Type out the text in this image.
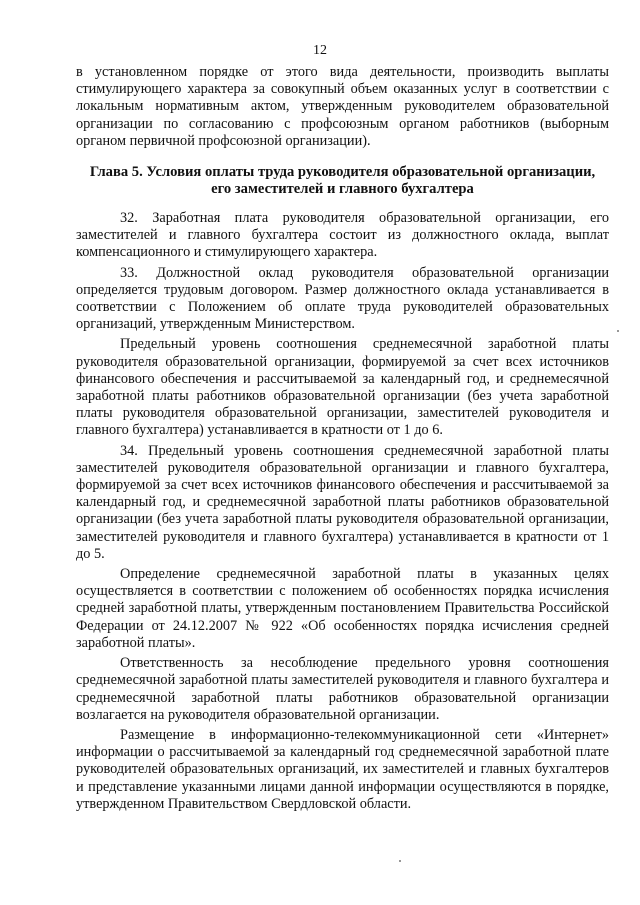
12

в установленном порядке от этого вида деятельности, производить выплаты стимулирующего характера за совокупный объем оказанных услуг в соответствии с локальным нормативным актом, утвержденным руководителем образовательной организации по согласованию с профсоюзным органом работников (выборным органом первичной профсоюзной организации).

Глава 5. Условия оплаты труда руководителя образовательной организации,
его заместителей и главного бухгалтера

32. Заработная плата руководителя образовательной организации, его заместителей и главного бухгалтера состоит из должностного оклада, выплат компенсационного и стимулирующего характера.

33. Должностной оклад руководителя образовательной организации определяется трудовым договором. Размер должностного оклада устанавливается в соответствии с Положением об оплате труда руководителей образовательных организаций, утвержденным Министерством.

Предельный уровень соотношения среднемесячной заработной платы руководителя образовательной организации, формируемой за счет всех источников финансового обеспечения и рассчитываемой за календарный год, и среднемесячной заработной платы работников образовательной организации (без учета заработной платы руководителя образовательной организации, заместителей руководителя и главного бухгалтера) устанавливается в кратности от 1 до 6.

34. Предельный уровень соотношения среднемесячной заработной платы заместителей руководителя образовательной организации и главного бухгалтера, формируемой за счет всех источников финансового обеспечения и рассчитываемой за календарный год, и среднемесячной заработной платы работников образовательной организации (без учета заработной платы руководителя образовательной организации, заместителей руководителя и главного бухгалтера) устанавливается в кратности от 1 до 5.

Определение среднемесячной заработной платы в указанных целях осуществляется в соответствии с положением об особенностях порядка исчисления средней заработной платы, утвержденным постановлением Правительства Российской Федерации от 24.12.2007 № 922 «Об особенностях порядка исчисления средней заработной платы».

Ответственность за несоблюдение предельного уровня соотношения среднемесячной заработной платы заместителей руководителя и главного бухгалтера и среднемесячной заработной платы работников образовательной организации возлагается на руководителя образовательной организации.

Размещение в информационно-телекоммуникационной сети «Интернет» информации о рассчитываемой за календарный год среднемесячной заработной плате руководителей образовательных организаций, их заместителей и главных бухгалтеров и представление указанными лицами данной информации осуществляются в порядке, утвержденном Правительством Свердловской области.
